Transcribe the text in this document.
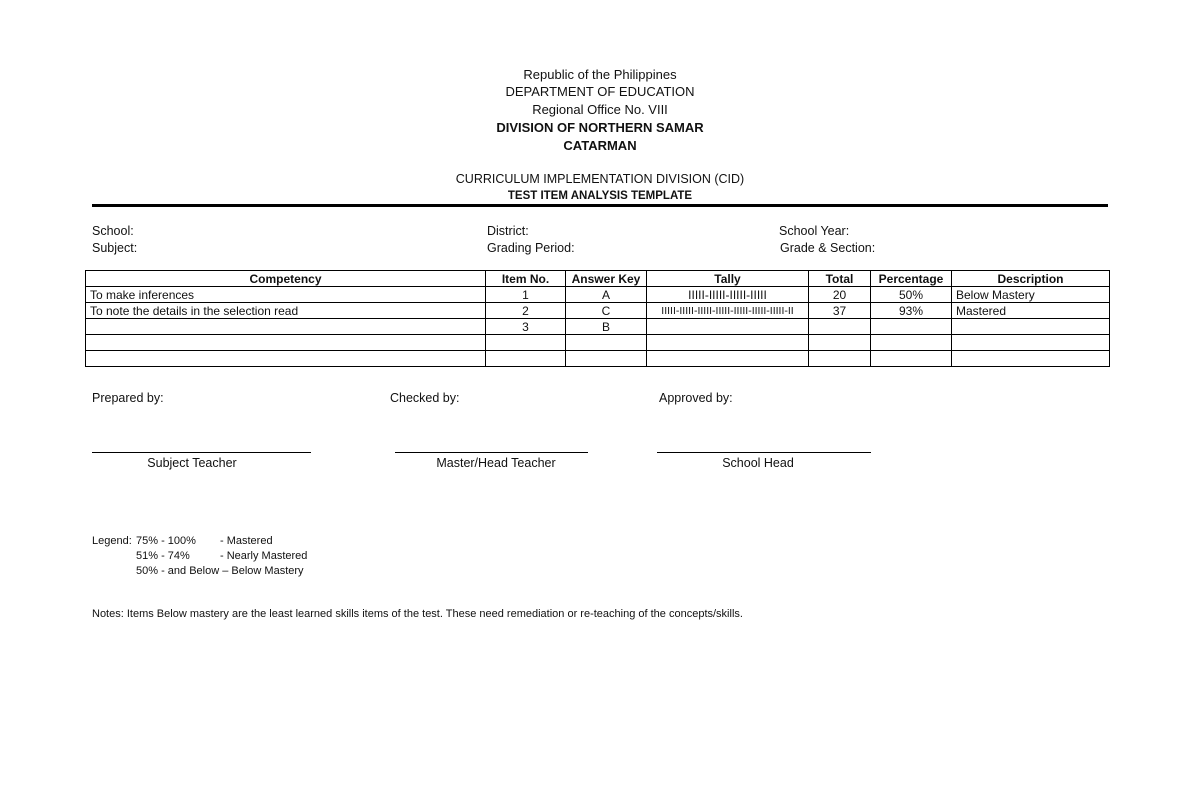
Republic of the Philippines
DEPARTMENT OF EDUCATION
Regional Office No. VIII
DIVISION OF NORTHERN SAMAR
CATARMAN
CURRICULUM IMPLEMENTATION DIVISION (CID)
TEST ITEM ANALYSIS TEMPLATE
School:
Subject:
District:
Grading Period:
School Year:
Grade & Section:
Competency	Item No.	Answer Key	Tally	Total	Percentage	Description
To make inferences	1	A	IIIII-IIIII-IIIII-IIIII	20	50%	Below Mastery
To note the details in the selection read	2	C	IIIII-IIIII-IIIII-IIIII-IIIII-IIIII-IIIII-II	37	93%	Mastered
	3	B				

Prepared by:	Checked by:	Approved by:
Subject Teacher	Master/Head Teacher	School Head
Legend: 75% - 100% - Mastered
51% - 74%	- Nearly Mastered
50% - and Below – Below Mastery
Notes: Items Below mastery are the least learned skills items of the test. These need remediation or re-teaching of the concepts/skills.
